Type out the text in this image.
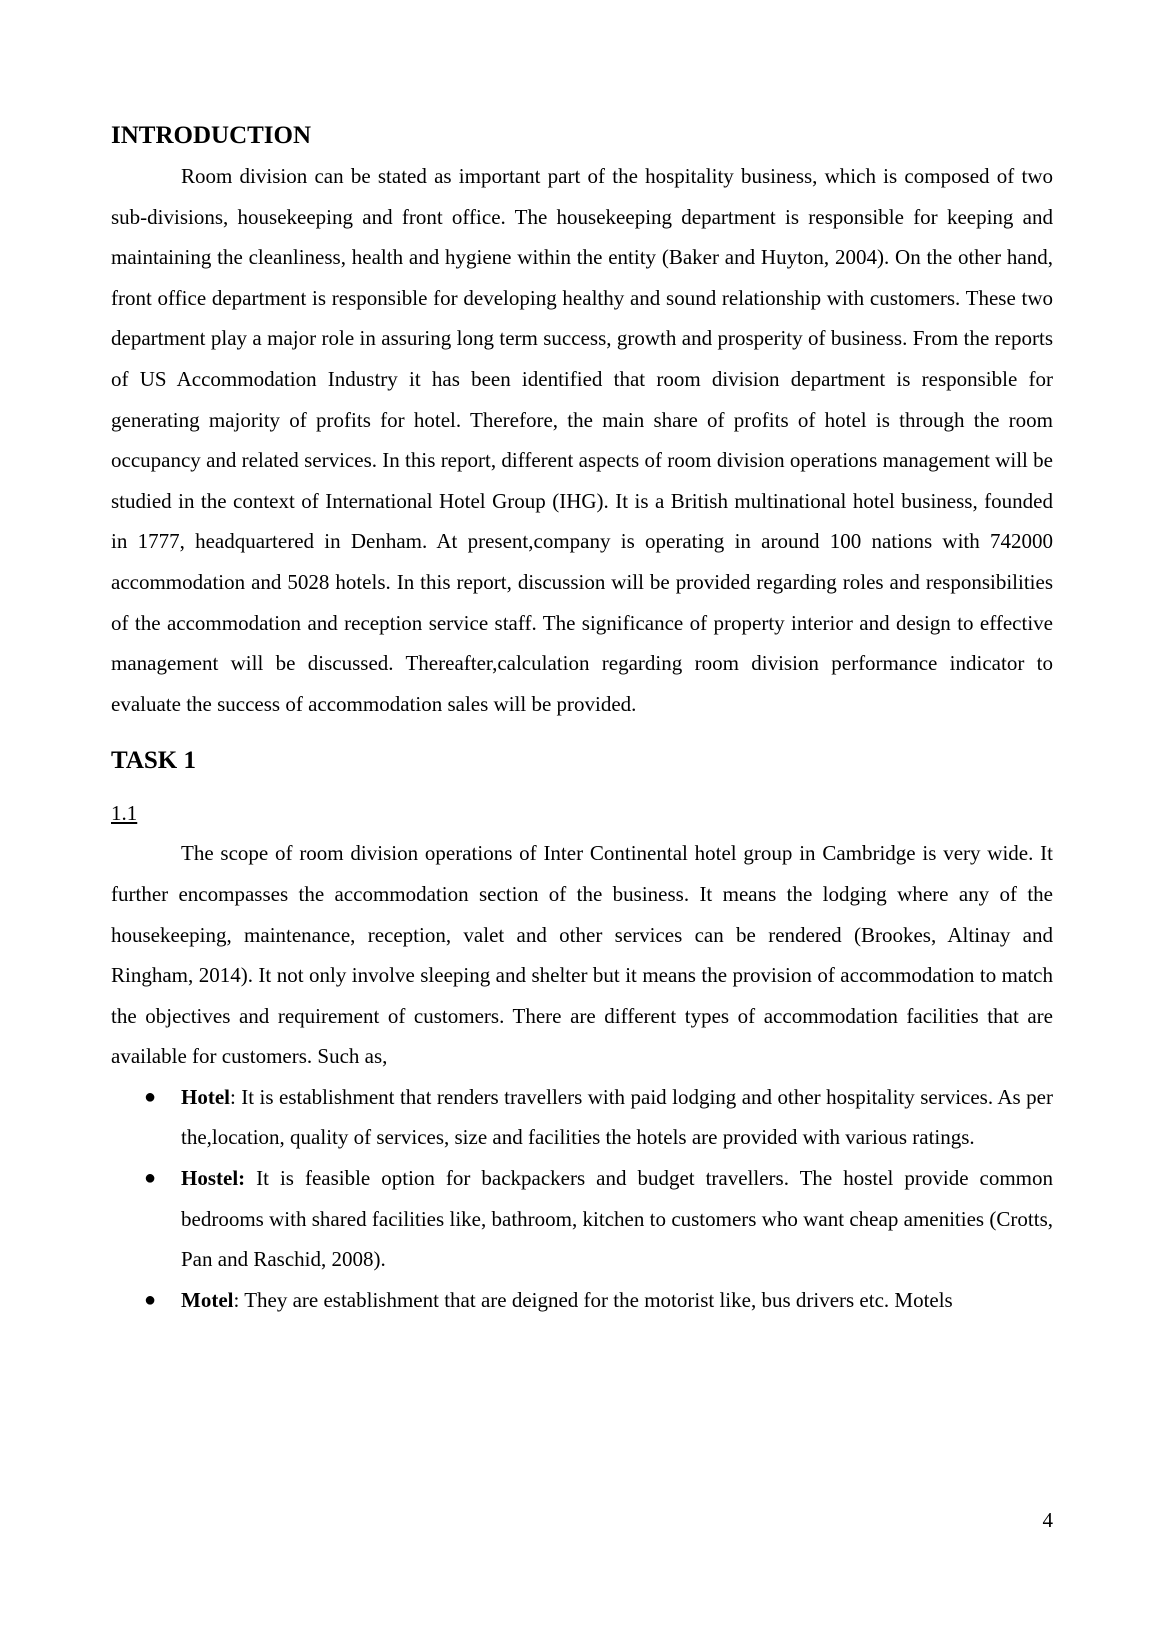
INTRODUCTION

Room division can be stated as important part of the hospitality business, which is composed of two sub-divisions, housekeeping and front office. The housekeeping department is responsible for keeping and maintaining the cleanliness, health and hygiene within the entity (Baker and Huyton, 2004). On the other hand, front office department is responsible for developing healthy and sound relationship with customers. These two department play a major role in assuring long term success, growth and prosperity of business. From the reports of US Accommodation Industry it has been identified that room division department is responsible for generating majority of profits for hotel. Therefore, the main share of profits of hotel is through the room occupancy and related services. In this report, different aspects of room division operations management will be studied in the context of International Hotel Group (IHG). It is a British multinational hotel business, founded in 1777, headquartered in Denham. At present,company is operating in around 100 nations with 742000 accommodation and 5028 hotels. In this report, discussion will be provided regarding roles and responsibilities of the accommodation and reception service staff. The significance of property interior and design to effective management will be discussed. Thereafter,calculation regarding room division performance indicator to evaluate the success of accommodation sales will be provided.

TASK 1

1.1

The scope of room division operations of Inter Continental hotel group in Cambridge is very wide. It further encompasses the accommodation section of the business. It means the lodging where any of the housekeeping, maintenance, reception, valet and other services can be rendered (Brookes, Altinay and Ringham, 2014). It not only involve sleeping and shelter but it means the provision of accommodation to match the objectives and requirement of customers. There are different types of accommodation facilities that are available for customers. Such as,

● Hotel: It is establishment that renders travellers with paid lodging and other hospitality services. As per the,location, quality of services, size and facilities the hotels are provided with various ratings.
● Hostel: It is feasible option for backpackers and budget travellers. The hostel provide common bedrooms with shared facilities like, bathroom, kitchen to customers who want cheap amenities (Crotts, Pan and Raschid, 2008).
● Motel: They are establishment that are deigned for the motorist like, bus drivers etc. Motels
4
